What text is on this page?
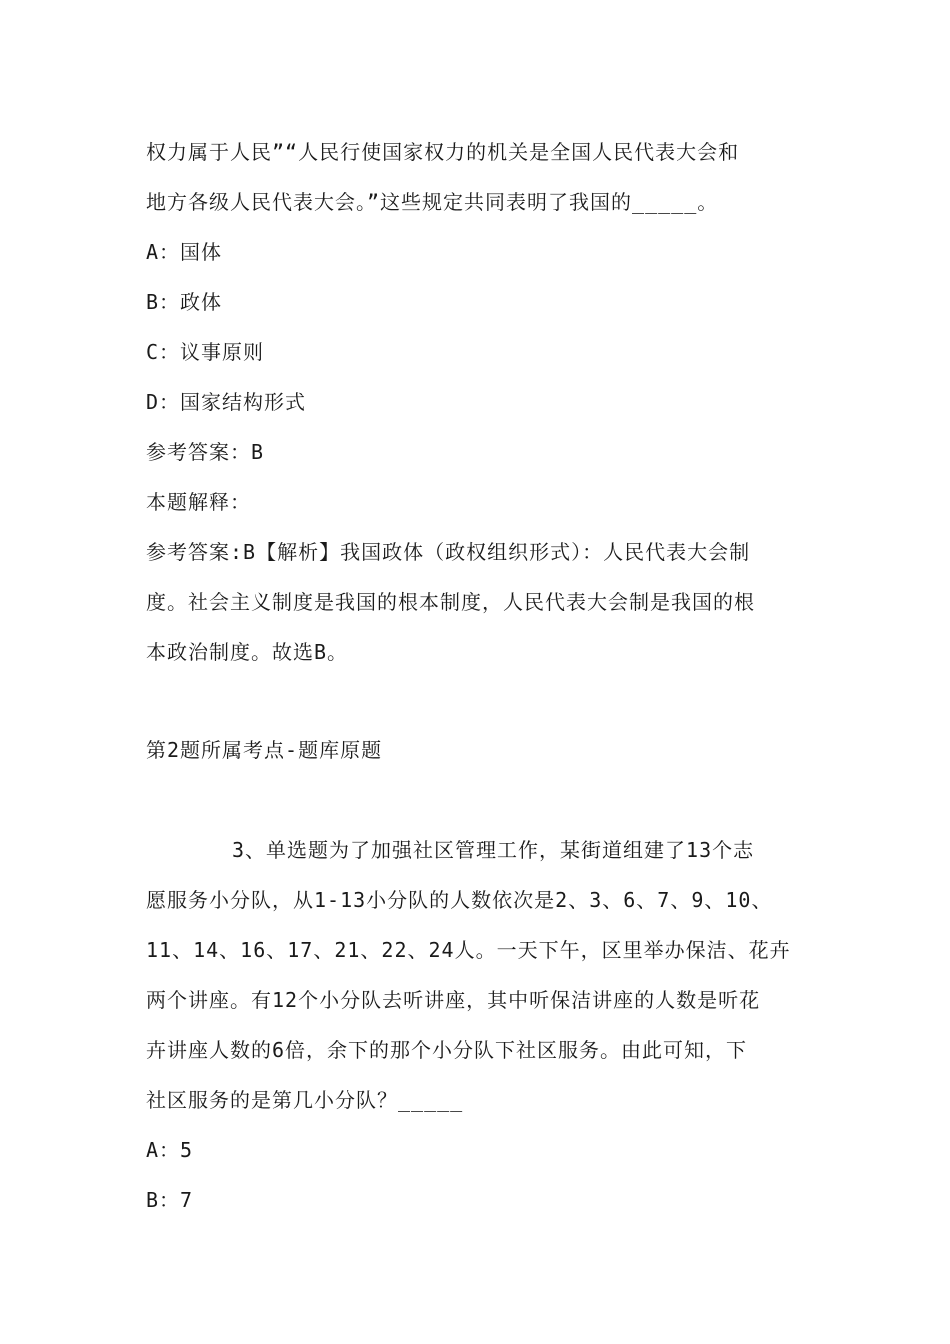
权力属于人民”“人民行使国家权力的机关是全国人民代表大会和
地方各级人民代表大会。”这些规定共同表明了我国的_____。
A：国体
B：政体
C：议事原则
D：国家结构形式
参考答案：B
本题解释：
参考答案:B【解析】我国政体（政权组织形式）：人民代表大会制
度。社会主义制度是我国的根本制度，人民代表大会制是我国的根
本政治制度。故选B。
第2题所属考点-题库原题
3、单选题为了加强社区管理工作，某街道组建了13个志
愿服务小分队，从1-13小分队的人数依次是2、3、6、7、9、10、
11、14、16、17、21、22、24人。一天下午，区里举办保洁、花卉
两个讲座。有12个小分队去听讲座，其中听保洁讲座的人数是听花
卉讲座人数的6倍，余下的那个小分队下社区服务。由此可知，下
社区服务的是第几小分队？_____
A：5
B：7
